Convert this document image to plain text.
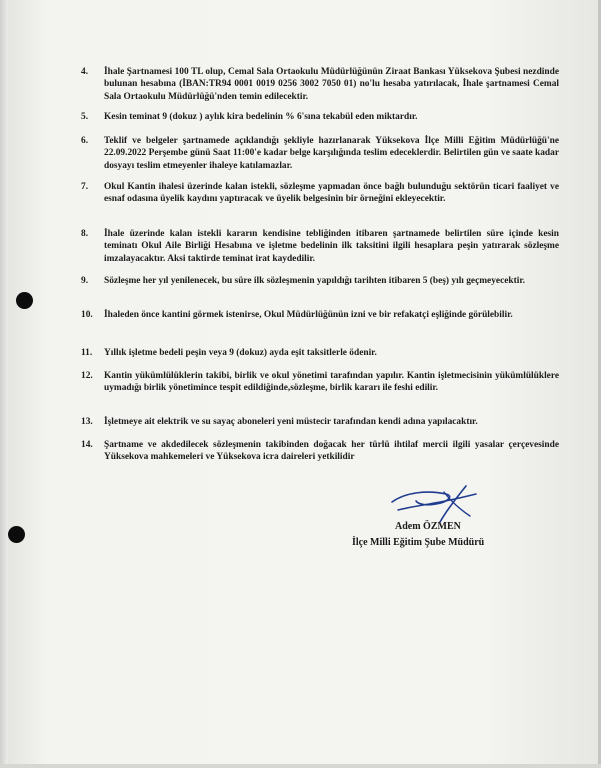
4.	İhale Şartnamesi 100 TL olup, Cemal Sala Ortaokulu Müdürlüğünün Ziraat Bankası Yüksekova Şubesi nezdinde bulunan hesabına (İBAN:TR94 0001 0019 0256 3002 7050 01) no'lu hesaba yatırılacak, İhale şartnamesi Cemal Sala Ortaokulu Müdürlüğü'nden temin edilecektir.
5.	Kesin teminat 9 (dokuz ) aylık kira bedelinin % 6'sına tekabül eden miktardır.
6.	Teklif ve belgeler şartnamede açıklandığı şekliyle hazırlanarak Yüksekova İlçe Milli Eğitim Müdürlüğü'ne 22.09.2022 Perşembe günü Saat 11:00'e kadar belge karşılığında teslim edeceklerdir. Belirtilen gün ve saate kadar dosyayı teslim etmeyenler ihaleye katılamazlar.
7.	Okul Kantin ihalesi üzerinde kalan istekli, sözleşme yapmadan önce bağlı bulunduğu sektörün ticari faaliyet ve esnaf odasına üyelik kaydını yaptıracak ve üyelik belgesinin bir örneğini ekleyecektir.
8.	İhale üzerinde kalan istekli kararın kendisine tebliğinden itibaren şartnamede belirtilen süre içinde kesin teminatı Okul Aile Birliği Hesabına ve işletme bedelinin ilk taksitini ilgili hesaplara peşin yatırarak sözleşme imzalayacaktır. Aksi taktirde teminat irat kaydedilir.
9.	Sözleşme her yıl yenilenecek, bu süre ilk sözleşmenin yapıldığı tarihten itibaren 5 (beş) yılı geçmeyecektir.
10.	İhaleden önce kantini görmek istenirse, Okul Müdürlüğünün izni ve bir refakatçi eşliğinde görülebilir.
11.	Yıllık işletme bedeli peşin veya 9 (dokuz) ayda eşit taksitlerle ödenir.
12.	Kantin yükümlülüklerin takibi, birlik ve okul yönetimi tarafından yapılır. Kantin işletmecisinin yükümlülüklere uymadığı birlik yönetimince tespit edildiğinde,sözleşme, birlik kararı ile feshi edilir.
13.	İşletmeye ait elektrik ve su sayaç aboneleri yeni müstecir tarafından kendi adına yapılacaktır.
14.	Şartname ve akdedilecek sözleşmenin takibinden doğacak her türlü ihtilaf mercii ilgili yasalar çerçevesinde Yüksekova mahkemeleri ve Yüksekova icra daireleri yetkilidir
Adem ÖZMEN
İlçe Milli Eğitim Şube Müdürü
